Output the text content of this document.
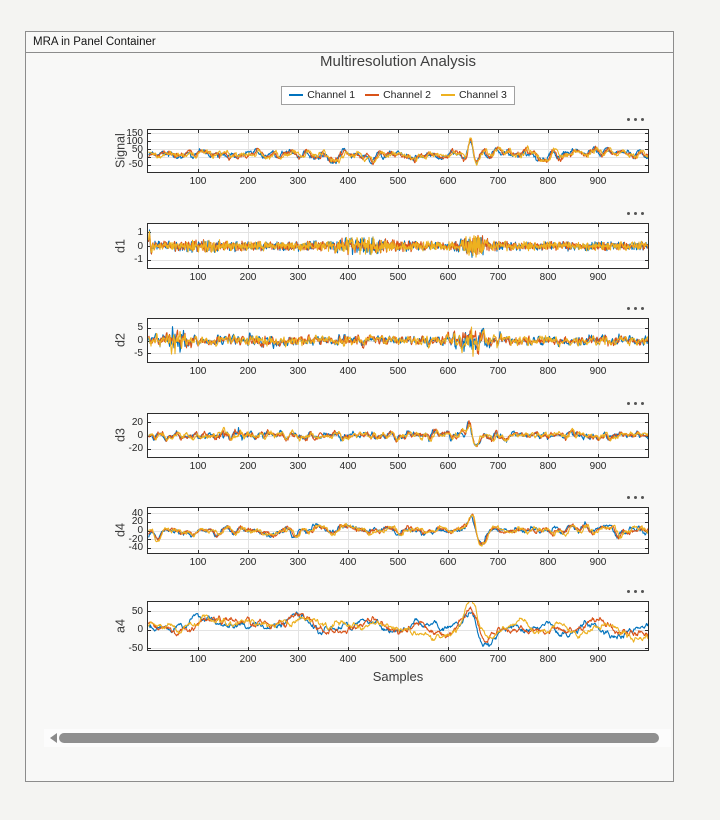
MRA in Panel Container
Multiresolution Analysis
Channel 1	Channel 2	Channel 3
Signal -50
0
50
100
150
100	200	300	400	500	600	700	800	900
d1
-1
0
1
100	200	300	400	500	600	700	800	900
d2
-5
0
5
100	200	300	400	500	600	700	800	900
d3
-20
0
20
100	200	300	400	500	600	700	800	900
d4
-40
-20
0
20
40
100	200	300	400	500	600	700	800	900
a4
-50
0
50
100	200	300	400	500	600	700	800	900
Samples
